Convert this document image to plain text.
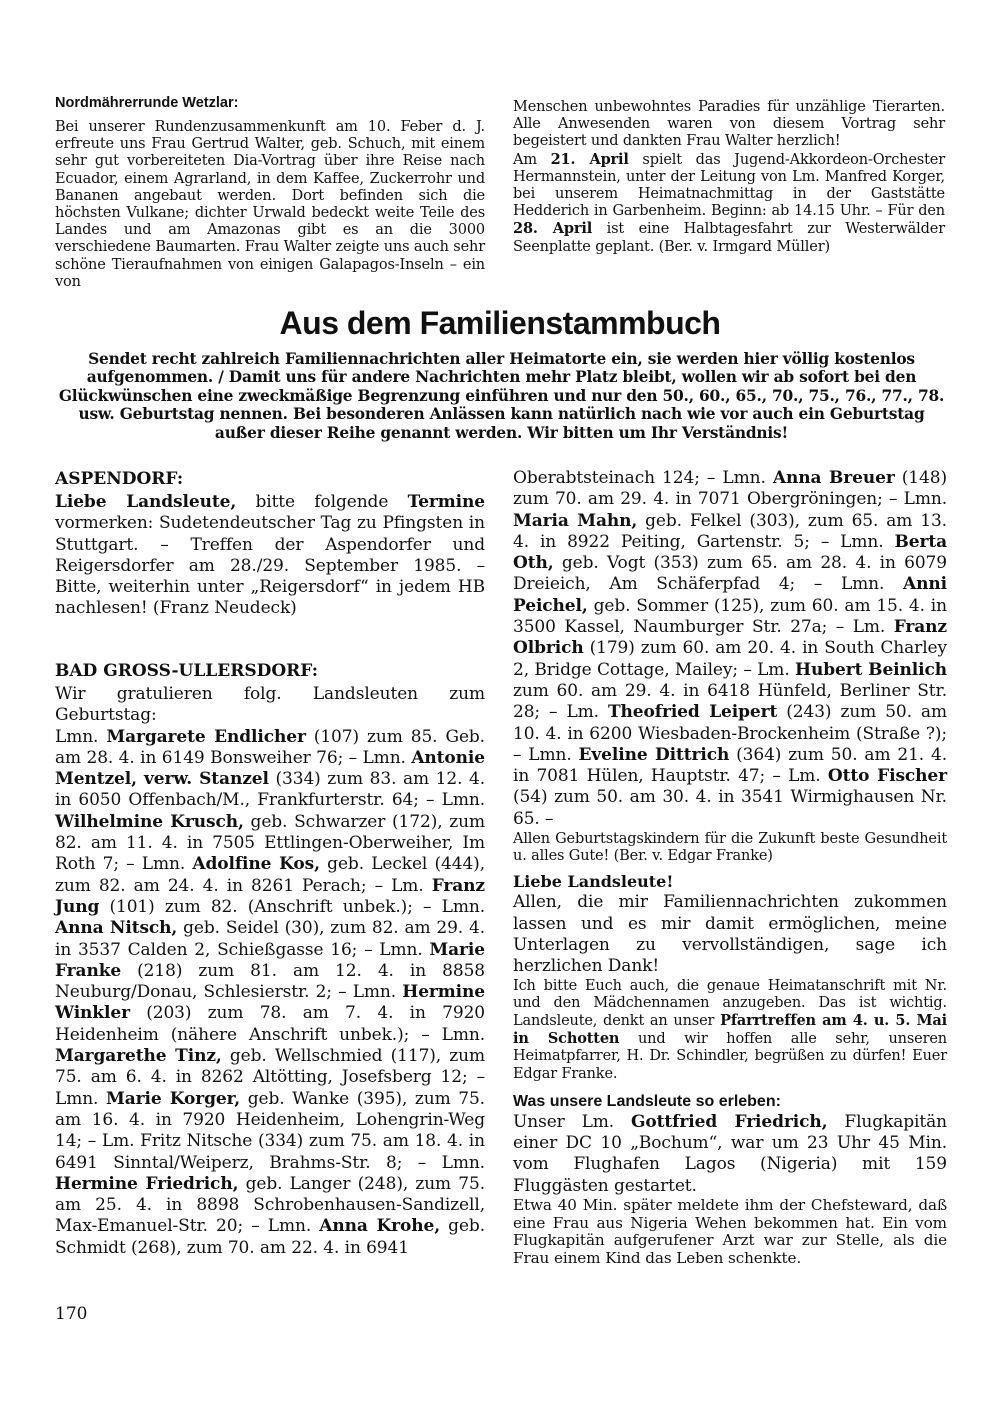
Nordmährerrunde Wetzlar:

Bei unserer Rundenzusammenkunft am 10. Feber d. J. erfreute uns Frau Gertrud Walter, geb. Schuch, mit einem sehr gut vorbereiteten Dia-Vortrag über ihre Reise nach Ecuador, einem Agrarland, in dem Kaffee, Zuckerrohr und Bananen angebaut werden. Dort befinden sich die höchsten Vulkane; dichter Urwald bedeckt weite Teile des Landes und am Amazonas gibt es an die 3000 verschiedene Baumarten. Frau Walter zeigte uns auch sehr schöne Tieraufnahmen von einigen Galapagos-Inseln – ein von

Menschen unbewohntes Paradies für unzählige Tierarten. Alle Anwesenden waren von diesem Vortrag sehr begeistert und dankten Frau Walter herzlich!

Am 21. April spielt das Jugend-Akkordeon-Orchester Hermannstein, unter der Leitung von Lm. Manfred Korger, bei unserem Heimatnachmittag in der Gaststätte Hedderich in Garbenheim. Beginn: ab 14.15 Uhr. – Für den 28. April ist eine Halbtagesfahrt zur Westerwälder Seenplatte geplant. (Ber. v. Irmgard Müller)

Aus dem Familienstammbuch

Sendet recht zahlreich Familiennachrichten aller Heimatorte ein, sie werden hier völlig kostenlos aufgenommen. / Damit uns für andere Nachrichten mehr Platz bleibt, wollen wir ab sofort bei den Glückwünschen eine zweckmäßige Begrenzung einführen und nur den 50., 60., 65., 70., 75., 76., 77., 78. usw. Geburtstag nennen. Bei besonderen Anlässen kann natürlich nach wie vor auch ein Geburtstag außer dieser Reihe genannt werden. Wir bitten um Ihr Verständnis!

ASPENDORF:

Liebe Landsleute, bitte folgende Termine vormerken: Sudetendeutscher Tag zu Pfingsten in Stuttgart. – Treffen der Aspendorfer und Reigersdorfer am 28./29. September 1985. – Bitte, weiterhin unter „Reigersdorf“ in jedem HB nachlesen! (Franz Neudeck)

BAD GROSS-ULLERSDORF:

Wir gratulieren folg. Landsleuten zum Geburtstag:

Lmn. Margarete Endlicher (107) zum 85. Geb. am 28. 4. in 6149 Bonsweiher 76; – Lmn. Antonie Mentzel, verw. Stanzel (334) zum 83. am 12. 4. in 6050 Offenbach/M., Frankfurterstr. 64; – Lmn. Wilhelmine Krusch, geb. Schwarzer (172), zum 82. am 11. 4. in 7505 Ettlingen-Oberweiher, Im Roth 7; – Lmn. Adolfine Kos, geb. Leckel (444), zum 82. am 24. 4. in 8261 Perach; – Lm. Franz Jung (101) zum 82. (Anschrift unbek.); – Lmn. Anna Nitsch, geb. Seidel (30), zum 82. am 29. 4. in 3537 Calden 2, Schießgasse 16; – Lmn. Marie Franke (218) zum 81. am 12. 4. in 8858 Neuburg/Donau, Schlesierstr. 2; – Lmn. Hermine Winkler (203) zum 78. am 7. 4. in 7920 Heidenheim (nähere Anschrift unbek.); – Lmn. Margarethe Tinz, geb. Wellschmied (117), zum 75. am 6. 4. in 8262 Altötting, Josefsberg 12; – Lmn. Marie Korger, geb. Wanke (395), zum 75. am 16. 4. in 7920 Heidenheim, Lohengrin-Weg 14; – Lm. Fritz Nitsche (334) zum 75. am 18. 4. in 6491 Sinntal/Weiperz, Brahms-Str. 8; – Lmn. Hermine Friedrich, geb. Langer (248), zum 75. am 25. 4. in 8898 Schrobenhausen-Sandizell, Max-Emanuel-Str. 20; – Lmn. Anna Krohe, geb. Schmidt (268), zum 70. am 22. 4. in 6941

Oberabtsteinach 124; – Lmn. Anna Breuer (148) zum 70. am 29. 4. in 7071 Obergröningen; – Lmn. Maria Mahn, geb. Felkel (303), zum 65. am 13. 4. in 8922 Peiting, Gartenstr. 5; – Lmn. Berta Oth, geb. Vogt (353) zum 65. am 28. 4. in 6079 Dreieich, Am Schäferpfad 4; – Lmn. Anni Peichel, geb. Sommer (125), zum 60. am 15. 4. in 3500 Kassel, Naumburger Str. 27a; – Lm. Franz Olbrich (179) zum 60. am 20. 4. in South Charley 2, Bridge Cottage, Mailey; – Lm. Hubert Beinlich zum 60. am 29. 4. in 6418 Hünfeld, Berliner Str. 28; – Lm. Theofried Leipert (243) zum 50. am 10. 4. in 6200 Wiesbaden-Brockenheim (Straße ?); – Lmn. Eveline Dittrich (364) zum 50. am 21. 4. in 7081 Hülen, Hauptstr. 47; – Lm. Otto Fischer (54) zum 50. am 30. 4. in 3541 Wirmighausen Nr. 65. –

Allen Geburtstagskindern für die Zukunft beste Gesundheit u. alles Gute! (Ber. v. Edgar Franke)

Liebe Landsleute!

Allen, die mir Familiennachrichten zukommen lassen und es mir damit ermöglichen, meine Unterlagen zu vervollständigen, sage ich herzlichen Dank!

Ich bitte Euch auch, die genaue Heimatanschrift mit Nr. und den Mädchennamen anzugeben. Das ist wichtig. Landsleute, denkt an unser Pfarrtreffen am 4. u. 5. Mai in Schotten und wir hoffen alle sehr, unseren Heimatpfarrer, H. Dr. Schindler, begrüßen zu dürfen! Euer Edgar Franke.

Was unsere Landsleute so erleben:

Unser Lm. Gottfried Friedrich, Flugkapitän einer DC 10 „Bochum“, war um 23 Uhr 45 Min. vom Flughafen Lagos (Nigeria) mit 159 Fluggästen gestartet.

Etwa 40 Min. später meldete ihm der Chefsteward, daß eine Frau aus Nigeria Wehen bekommen hat. Ein vom Flugkapitän aufgerufener Arzt war zur Stelle, als die Frau einem Kind das Leben schenkte.

170
